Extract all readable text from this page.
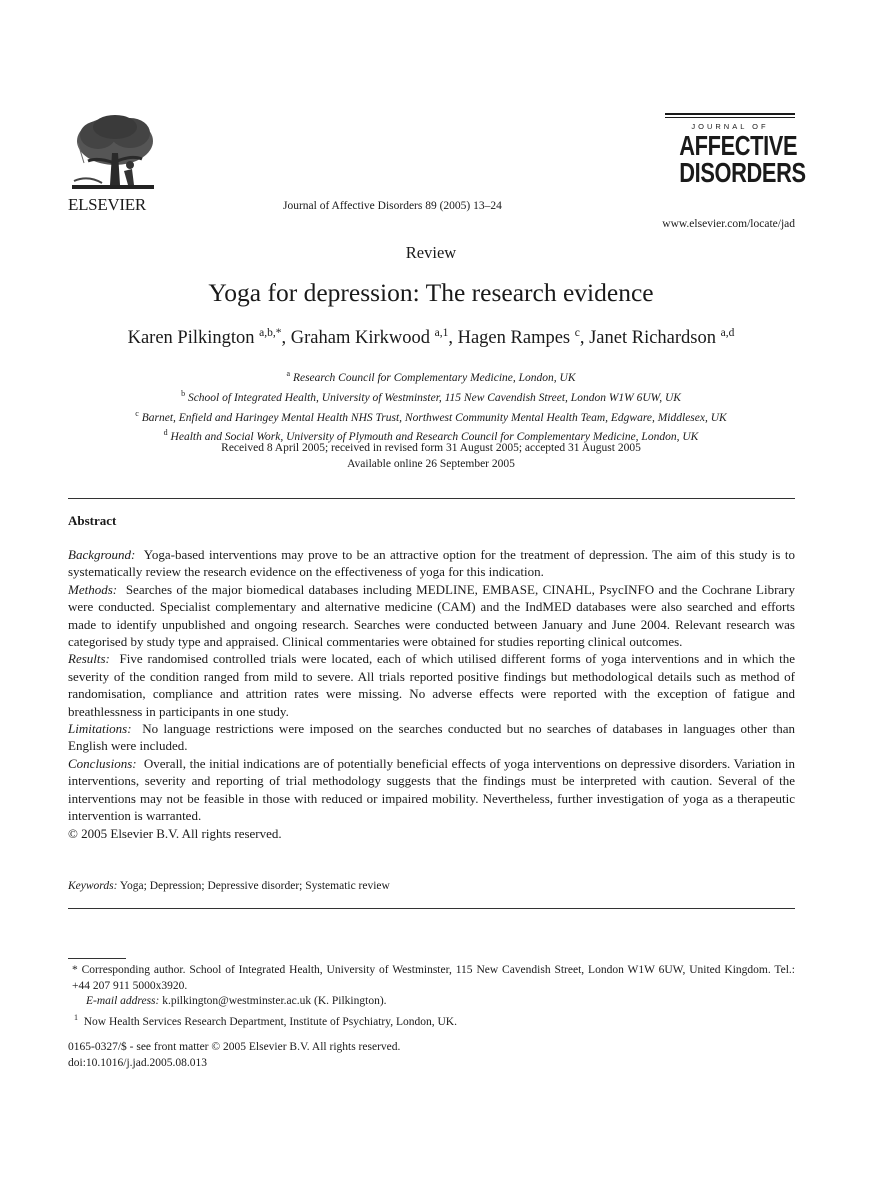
ELSEVIER	Journal of Affective Disorders 89 (2005) 13–24
JOURNAL OF
AFFECTIVE
DISORDERS
www.elsevier.com/locate/jad
Review
Yoga for depression: The research evidence
Karen Pilkington $^{a,b,*}$, Graham Kirkwood $^{a,1}$, Hagen Rampes $^c$, Janet Richardson $^{a,d}$
$^a$ Research Council for Complementary Medicine, London, UK
$^b$ School of Integrated Health, University of Westminster, 115 New Cavendish Street, London W1W 6UW, UK
$^c$ Barnet, Enfield and Haringey Mental Health NHS Trust, Northwest Community Mental Health Team, Edgware, Middlesex, UK
$^d$ Health and Social Work, University of Plymouth and Research Council for Complementary Medicine, London, UK
Received 8 April 2005; received in revised form 31 August 2005; accepted 31 August 2005
Available online 26 September 2005
Abstract

Background: Yoga-based interventions may prove to be an attractive option for the treatment of depression. The aim of this study is to systematically review the research evidence on the effectiveness of yoga for this indication.

Methods: Searches of the major biomedical databases including MEDLINE, EMBASE, CINAHL, PsycINFO and the Cochrane Library were conducted. Specialist complementary and alternative medicine (CAM) and the IndMED databases were also searched and efforts made to identify unpublished and ongoing research. Searches were conducted between January and June 2004. Relevant research was categorised by study type and appraised. Clinical commentaries were obtained for studies reporting clinical outcomes.

Results: Five randomised controlled trials were located, each of which utilised different forms of yoga interventions and in which the severity of the condition ranged from mild to severe. All trials reported positive findings but methodological details such as method of randomisation, compliance and attrition rates were missing. No adverse effects were reported with the exception of fatigue and breathlessness in participants in one study.

Limitations: No language restrictions were imposed on the searches conducted but no searches of databases in languages other than English were included.

Conclusions: Overall, the initial indications are of potentially beneficial effects of yoga interventions on depressive disorders. Variation in interventions, severity and reporting of trial methodology suggests that the findings must be interpreted with caution. Several of the interventions may not be feasible in those with reduced or impaired mobility. Nevertheless, further investigation of yoga as a therapeutic intervention is warranted.

© 2005 Elsevier B.V. All rights reserved.

Keywords: Yoga; Depression; Depressive disorder; Systematic review

* Corresponding author. School of Integrated Health, University of Westminster, 115 New Cavendish Street, London W1W 6UW, United Kingdom. Tel.: +44 207 911 5000x3920.

E-mail address: k.pilkington@westminster.ac.uk (K. Pilkington).

$^1$ Now Health Services Research Department, Institute of Psychiatry, London, UK.

0165-0327/$ - see front matter © 2005 Elsevier B.V. All rights reserved.

doi:10.1016/j.jad.2005.08.013
